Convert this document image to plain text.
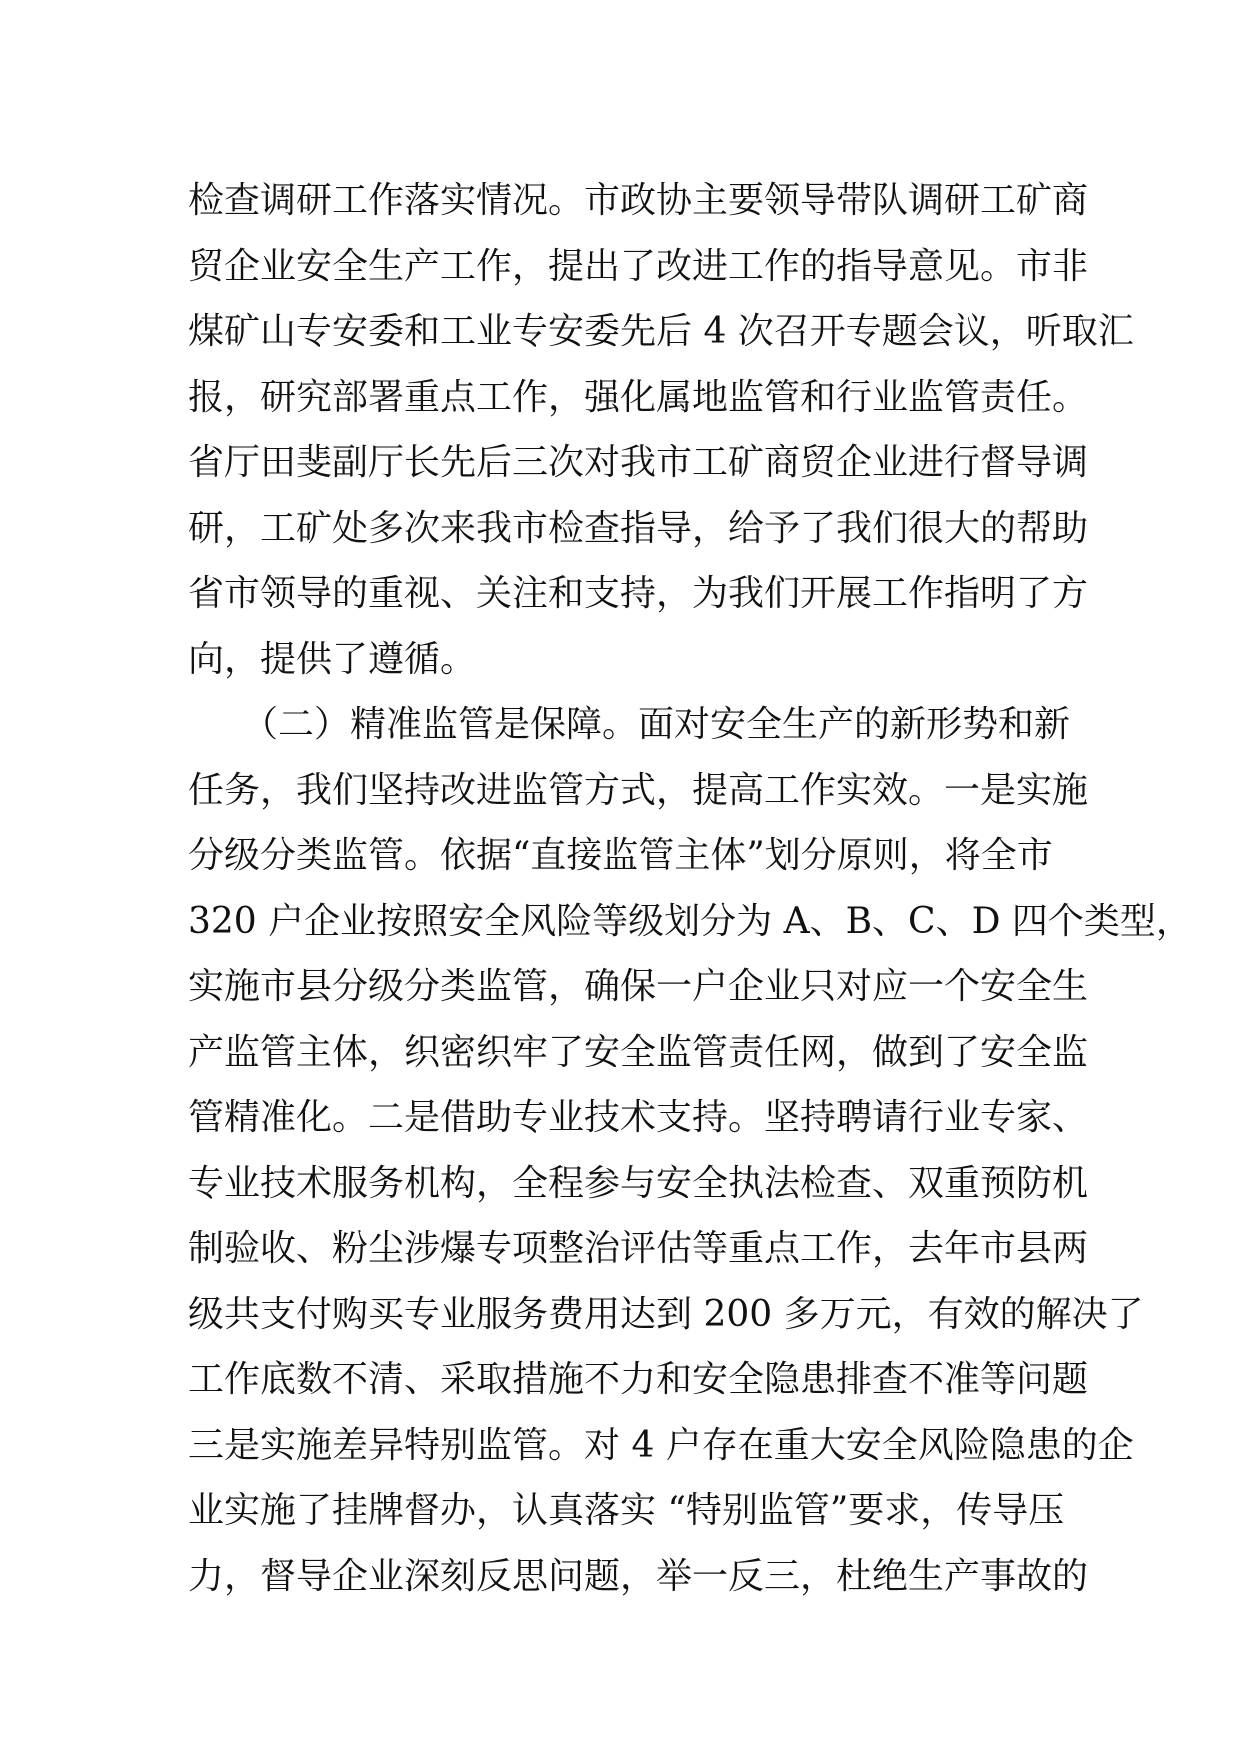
检查调研工作落实情况。市政协主要领导带队调研工矿商
贸企业安全生产工作，提出了改进工作的指导意见。市非
煤矿山专安委和工业专安委先后 4 次召开专题会议，听取汇
报，研究部署重点工作，强化属地监管和行业监管责任。
省厅田斐副厅长先后三次对我市工矿商贸企业进行督导调
研，工矿处多次来我市检查指导，给予了我们很大的帮助
省市领导的重视、关注和支持，为我们开展工作指明了方
向，提供了遵循。
　　（二）精准监管是保障。面对安全生产的新形势和新
任务，我们坚持改进监管方式，提高工作实效。一是实施
分级分类监管。依据“直接监管主体”划分原则，将全市
320 户企业按照安全风险等级划分为 A、B、C、D 四个类型，
实施市县分级分类监管，确保一户企业只对应一个安全生
产监管主体，织密织牢了安全监管责任网，做到了安全监
管精准化。二是借助专业技术支持。坚持聘请行业专家、
专业技术服务机构，全程参与安全执法检查、双重预防机
制验收、粉尘涉爆专项整治评估等重点工作，去年市县两
级共支付购买专业服务费用达到 200 多万元，有效的解决了
工作底数不清、采取措施不力和安全隐患排查不准等问题
三是实施差异特别监管。对 4 户存在重大安全风险隐患的企
业实施了挂牌督办，认真落实 “特别监管”要求，传导压
力，督导企业深刻反思问题，举一反三，杜绝生产事故的
